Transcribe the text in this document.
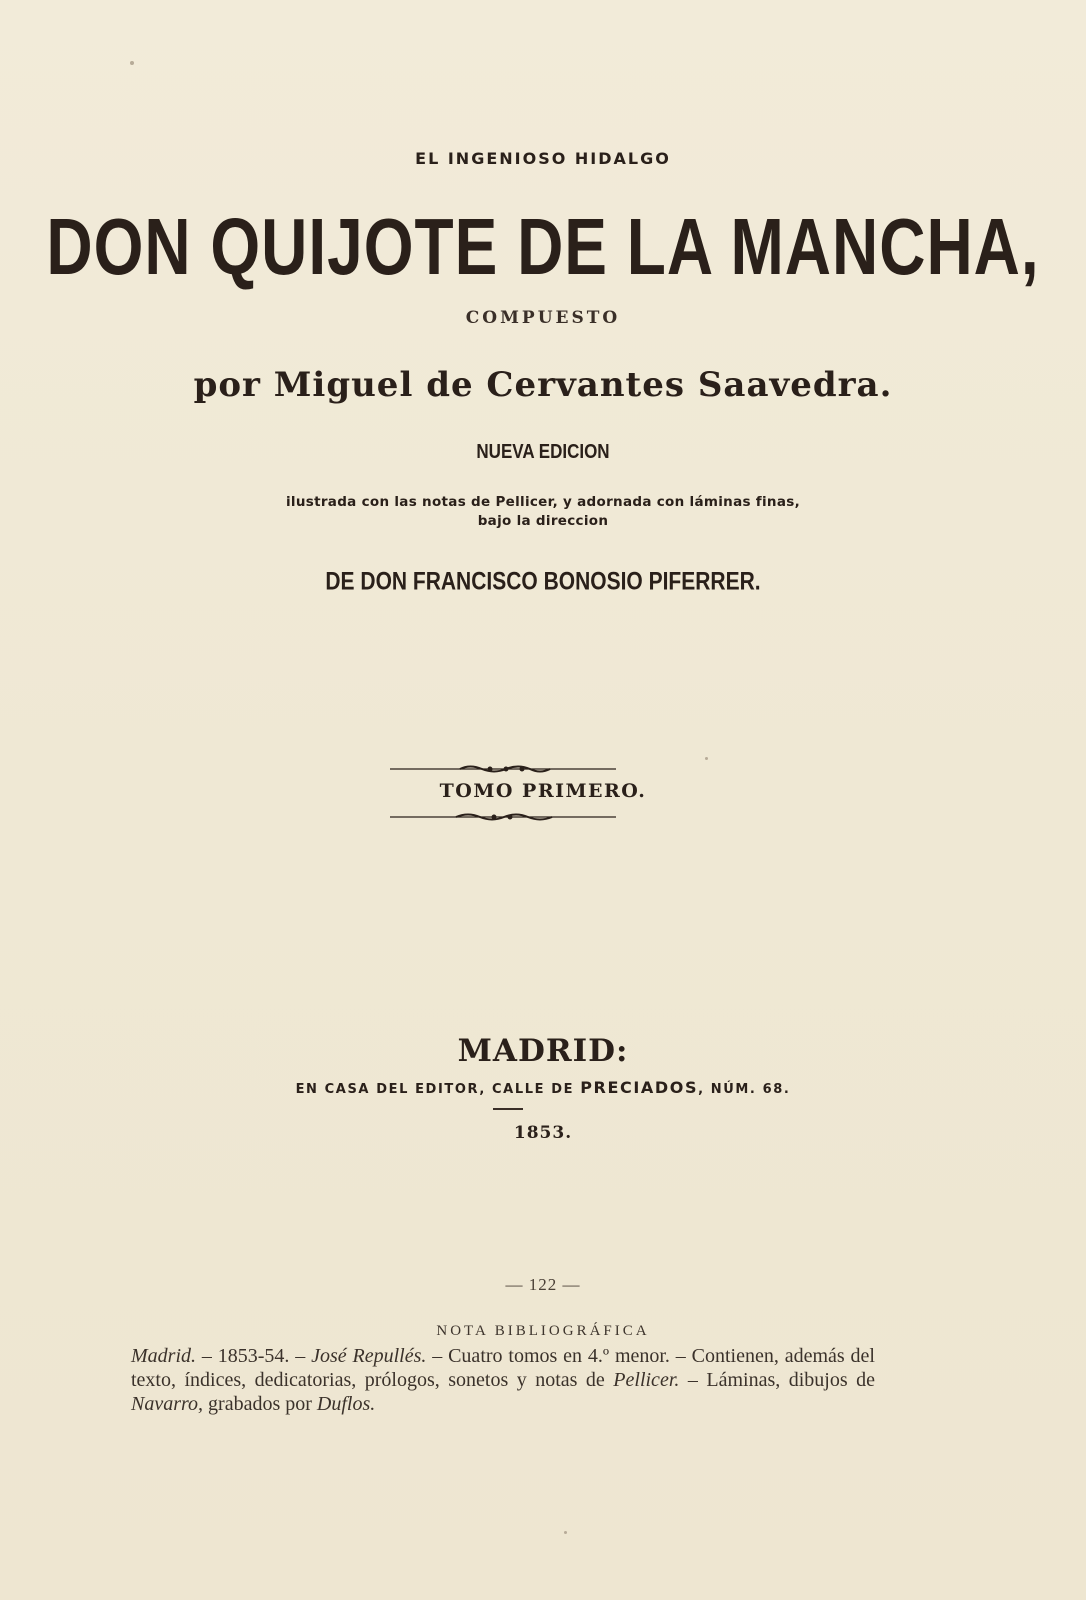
EL INGENIOSO HIDALGO
DON QUIJOTE DE LA MANCHA,
COMPUESTO
por Miguel de Cervantes Saavedra.
NUEVA EDICION
ilustrada con las notas de Pellicer, y adornada con láminas finas,
bajo la direccion
DE DON FRANCISCO BONOSIO PIFERRER.
TOMO PRIMERO.
MADRID:
EN CASA DEL EDITOR, CALLE DE PRECIADOS, NÚM. 68.
1853.
— 122 —
NOTA BIBLIOGRÁFICA
Madrid. – 1853-54. – José Repullés. – Cuatro tomos en 4.º menor. – Contienen, además del texto, índices, dedicatorias, prólogos, sonetos y notas de Pellicer. – Láminas, dibujos de Navarro, grabados por Duflos.
